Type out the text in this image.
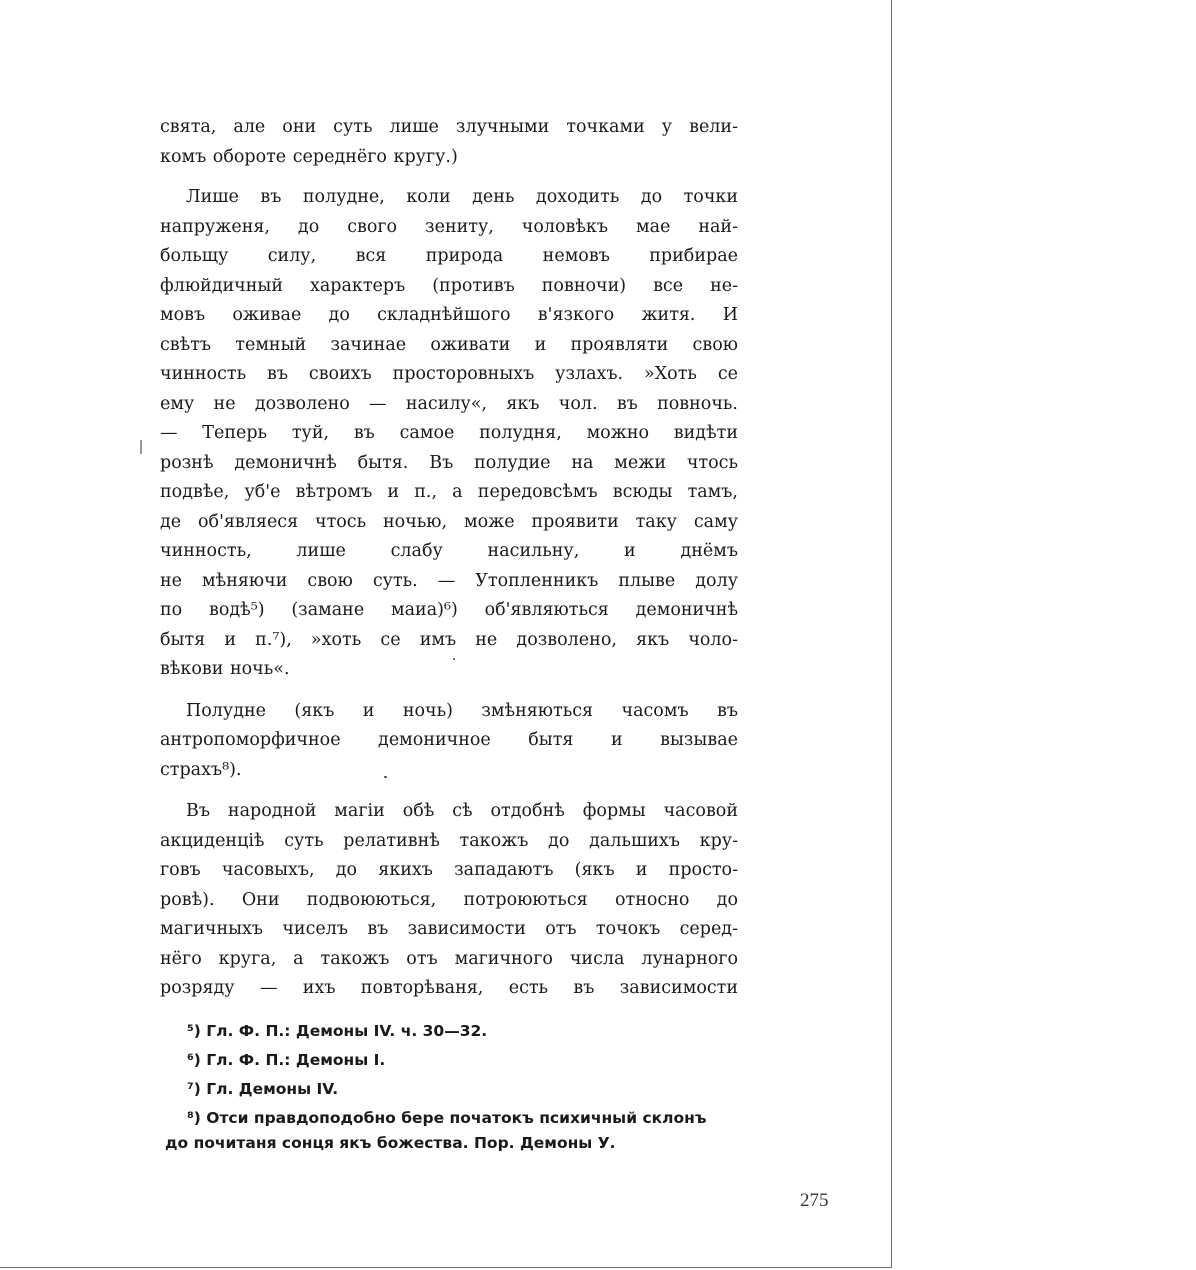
свята, але они суть лише злучными точками у вели-
комъ обороте середнёго кругу.)

Лише въ полудне, коли день доходить до точки
напруженя, до свого зениту, чоловѣкъ мае най-
больщу силу, вся природа немовъ прибирае
флюйдичный характеръ (противъ повночи) все не-
мовъ оживае до складнѣйшого в'язкого житя. И
свѣтъ темный зачинае оживати и проявляти свою
чинность въ своихъ просторовныхъ узлахъ. »Хоть се
ему не дозволено — насилу«, якъ чол. въ повночь.
— Теперь туй, въ самое полудня, можно видѣти
рознѣ демоничнѣ бытя. Въ полудие на межи чтось
подвѣе, уб'е вѣтромъ и п., а передовсѣмъ всюды тамъ,
де об'являеся чтось ночью, може проявити таку саму
чинность, лише слабу насильну, и днёмъ
не мѣняючи свою суть. — Утопленникъ плыве долу
по водѣ⁵) (замане маиа)⁶) об'являються демоничнѣ
бытя и п.⁷), »хоть се имъ не дозволено, якъ чоло-
вѣкови ночь«.

Полудне (якъ и ночь) змѣняються часомъ въ
антропоморфичное демоничное бытя и вызывае
страхъ⁸).

Въ народной магіи обѣ сѣ отдобнѣ формы часовой
акциденціѣ суть релативнѣ такожъ до дальшихъ кру-
говъ часовыхъ, до якихъ западаютъ (якъ и просто-
ровѣ). Они подвоюються, потроюються относно до
магичныхъ чиселъ въ зависимости отъ точокъ серед-
нёго круга, а такожъ отъ магичного числа лунарного
розряду — ихъ повторѣваня, есть въ зависимости

⁵) Гл. Ф. П.: Демоны IV. ч. 30—32.
⁶) Гл. Ф. П.: Демоны I.
⁷) Гл. Демоны IV.
⁸) Отси правдоподобно бере початокъ психичный склонъ
до почитаня сонця якъ божества. Пор. Демоны У.
275
